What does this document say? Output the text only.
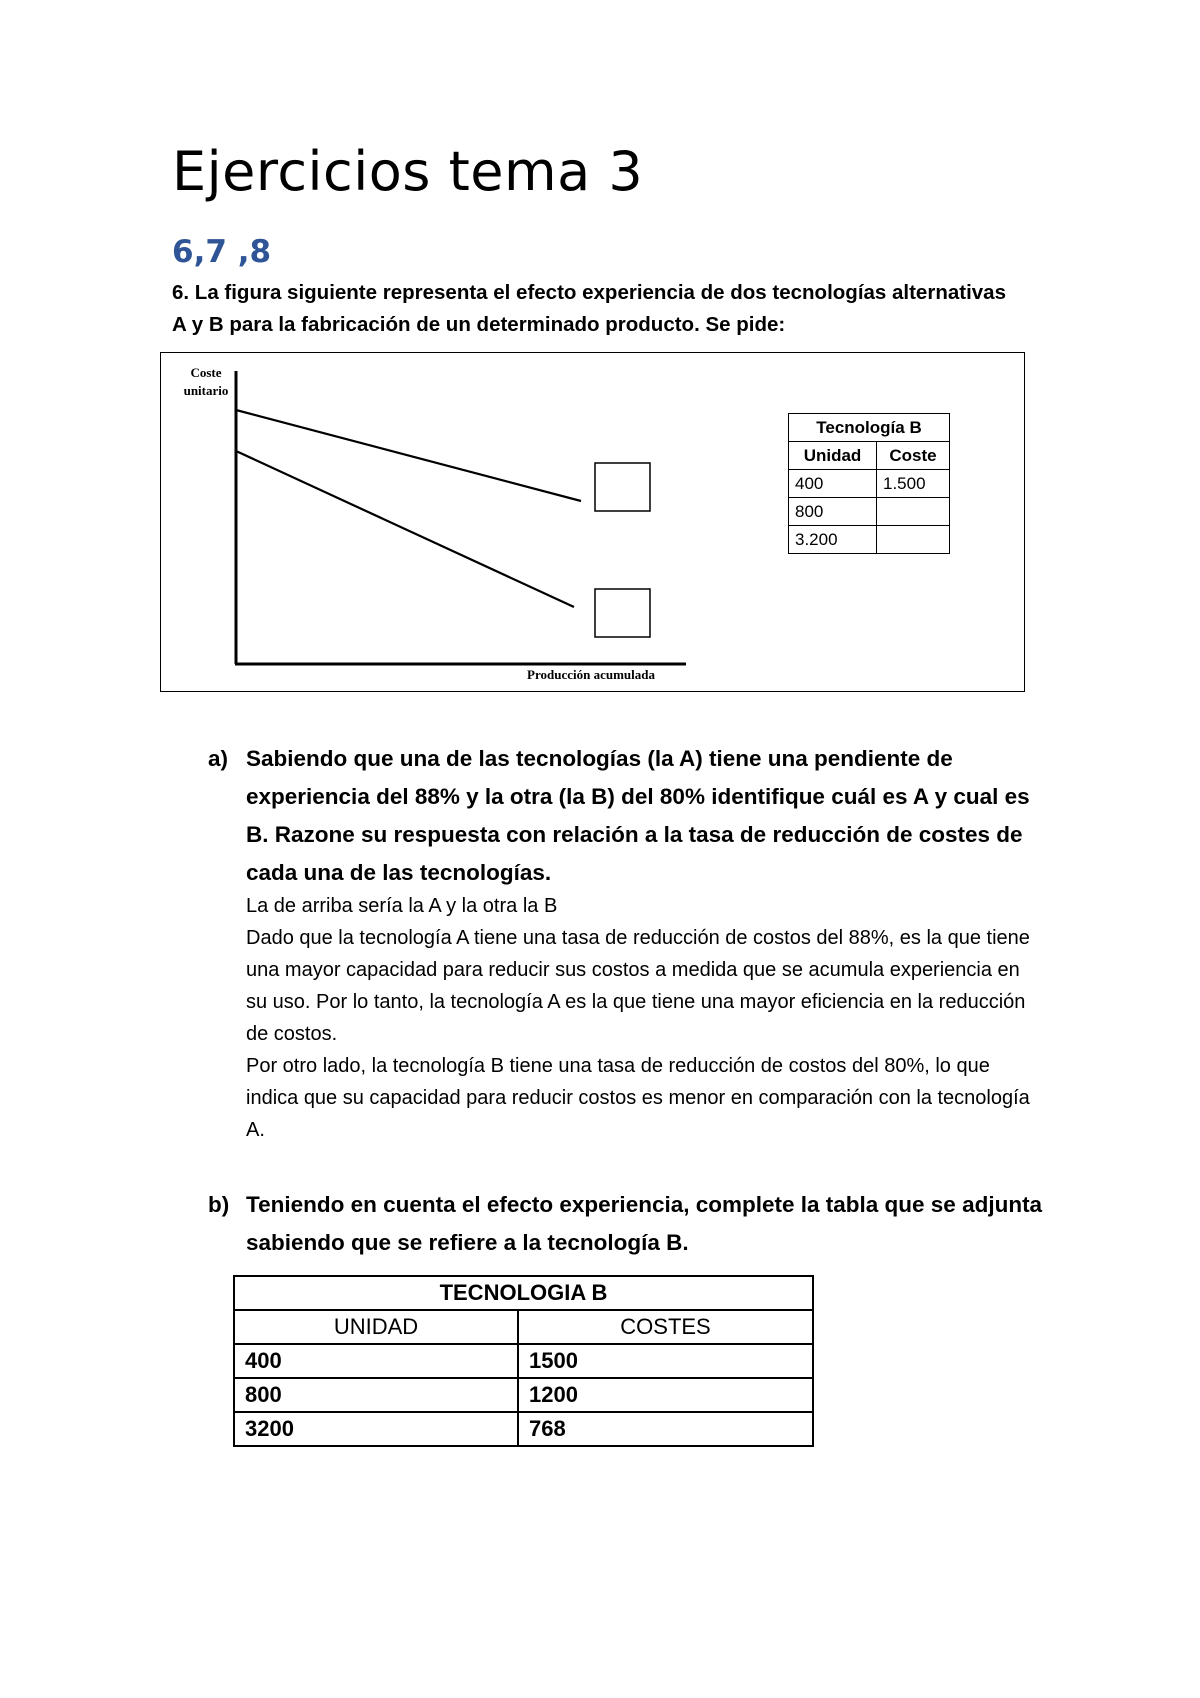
Ejercicios tema 3
6,7 ,8
6. La figura siguiente representa el efecto experiencia de dos tecnologías alternativas
A y B para la fabricación de un determinado producto. Se pide:
Coste
unitario
Producción acumulada
Tecnología B	
Unidad	Coste
400	1.500
800	
3.200	
a) Sabiendo que una de las tecnologías (la A) tiene una pendiente de experiencia del 88% y la otra (la B) del 80% identifique cuál es A y cual es B. Razone su respuesta con relación a la tasa de reducción de costes de cada una de las tecnologías.

La de arriba sería la A y la otra la B

Dado que la tecnología A tiene una tasa de reducción de costos del 88%, es la que tiene una mayor capacidad para reducir sus costos a medida que se acumula experiencia en su uso. Por lo tanto, la tecnología A es la que tiene una mayor eficiencia en la reducción de costos.

Por otro lado, la tecnología B tiene una tasa de reducción de costos del 80%, lo que indica que su capacidad para reducir costos es menor en comparación con la tecnología A.

b) Teniendo en cuenta el efecto experiencia, complete la tabla que se adjunta sabiendo que se refiere a la tecnología B.
TECNOLOGIA B	
UNIDAD	COSTES
400	1500
800	1200
3200	768
